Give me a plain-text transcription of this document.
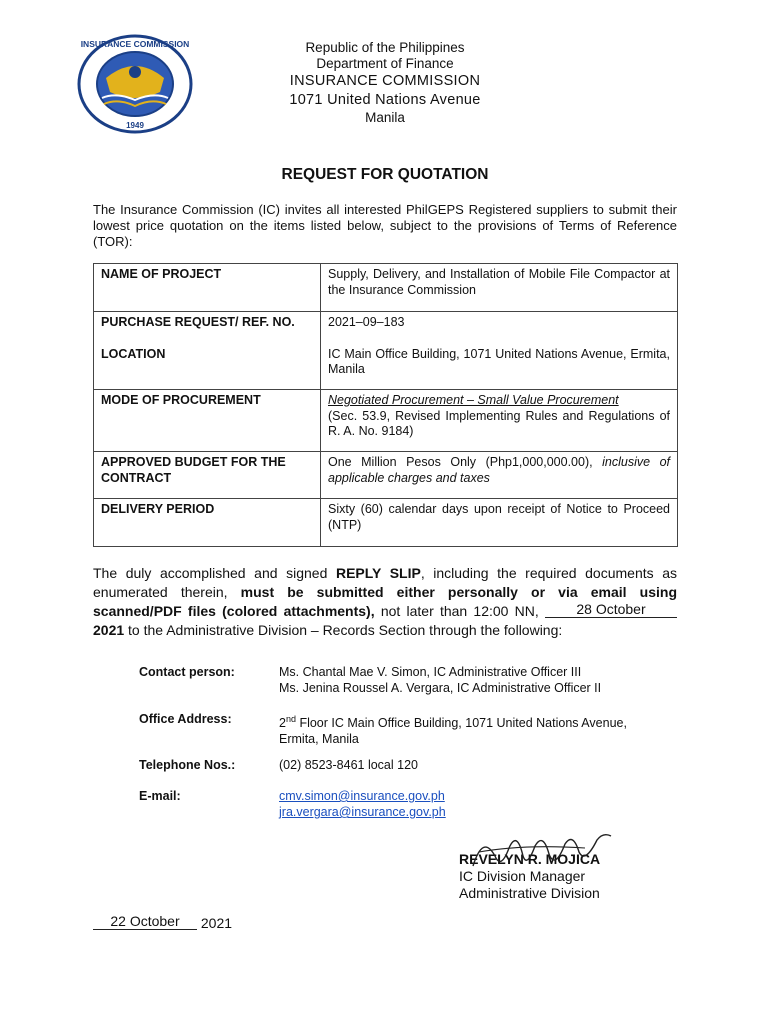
INSURANCE COMMISSION
1949
Republic of the Philippines
Department of Finance
INSURANCE COMMISSION
1071 United Nations Avenue
Manila
REQUEST FOR QUOTATION
The Insurance Commission (IC) invites all interested PhilGEPS Registered suppliers to submit their lowest price quotation on the items listed below, subject to the provisions of Terms of Reference (TOR):
NAME OF PROJECT	Supply, Delivery, and Installation of Mobile File Compactor at the Insurance Commission
PURCHASE REQUEST/ REF. NO.	2021–09–183
LOCATION	IC Main Office Building, 1071 United Nations Avenue, Ermita, Manila
MODE OF PROCUREMENT	Negotiated Procurement – Small Value Procurement
(Sec. 53.9, Revised Implementing Rules and Regulations of R. A. No. 9184)
APPROVED BUDGET FOR THE CONTRACT	One Million Pesos Only (Php1,000,000.00), inclusive of applicable charges and taxes
DELIVERY PERIOD	Sixty (60) calendar days upon receipt of Notice to Proceed (NTP)
The duly accomplished and signed REPLY SLIP, including the required documents as enumerated therein, must be submitted either personally or via email using scanned/PDF files (colored attachments), not later than 12:00 NN, 28 October 2021 to the Administrative Division – Records Section through the following:
Contact person:	Ms. Chantal Mae V. Simon, IC Administrative Officer III
Ms. Jenina Roussel A. Vergara, IC Administrative Officer II
Office Address:	2nd Floor IC Main Office Building, 1071 United Nations Avenue,
Ermita, Manila
Telephone Nos.:	(02) 8523-8461 local 120
E-mail:	cmv.simon@insurance.gov.ph
jra.vergara@insurance.gov.ph
REVELYN R. MOJICA
IC Division Manager
Administrative Division
22 October 2021
